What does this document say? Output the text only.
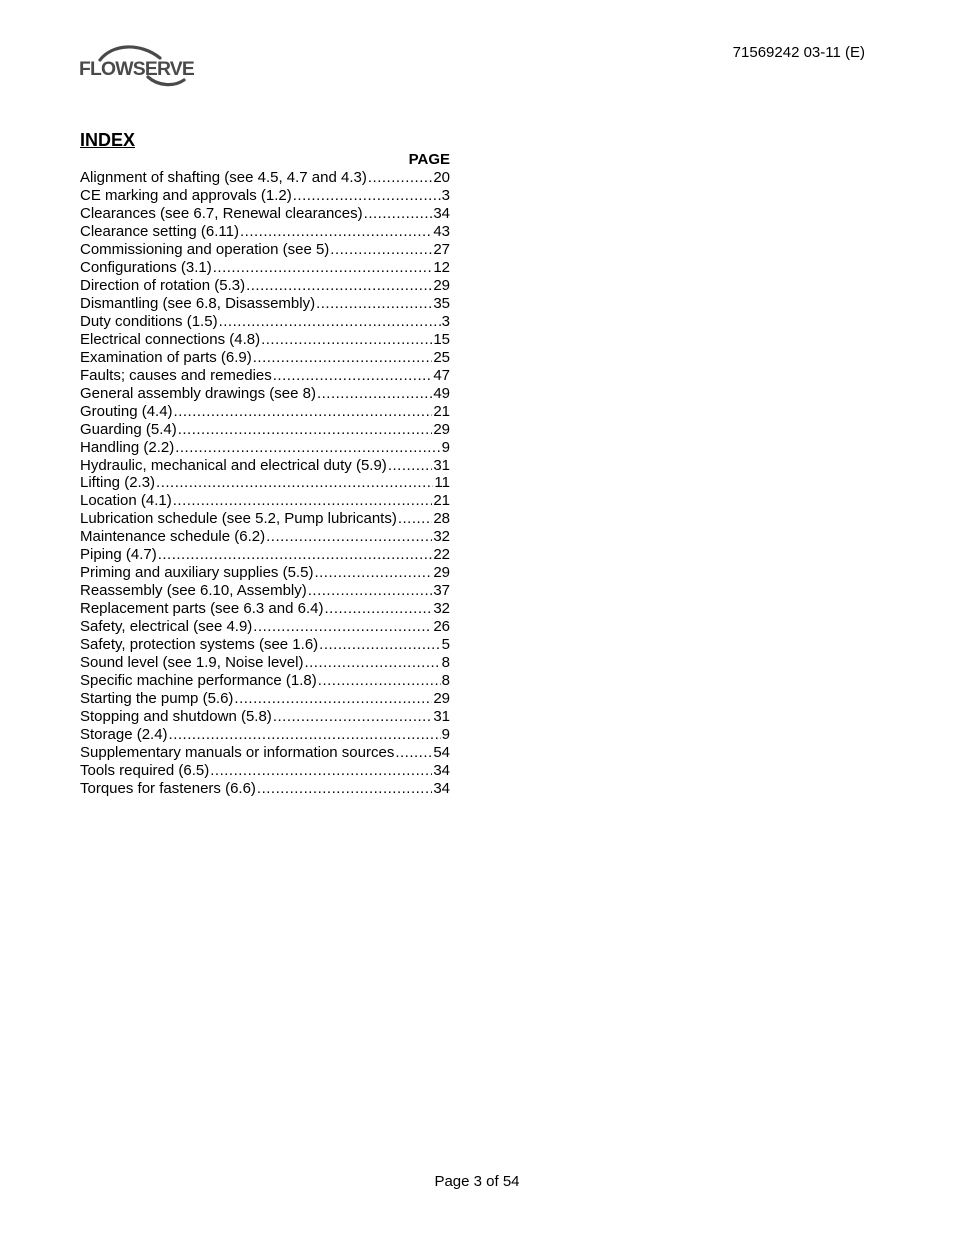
FLOWSERVE
71569242 03-11 (E)
INDEX
PAGE
Alignment of shafting (see 4.5, 4.7 and 4.3) .....	20
CE marking and approvals (1.2) .....	3
Clearances (see 6.7, Renewal clearances) .....	34
Clearance setting (6.11) .....	43
Commissioning and operation (see 5) .....	27
Configurations (3.1) .....	12
Direction of rotation (5.3) .....	29
Dismantling (see 6.8, Disassembly) .....	35
Duty conditions (1.5) .....	3
Electrical connections (4.8) .....	15
Examination of parts (6.9) .....	25
Faults; causes and remedies .....	47
General assembly drawings (see 8) .....	49
Grouting (4.4) .....	21
Guarding (5.4) .....	29
Handling (2.2) .....	9
Hydraulic, mechanical and electrical duty (5.9) .....	31
Lifting (2.3) .....	11
Location (4.1) .....	21
Lubrication schedule (see 5.2, Pump lubricants) ..... 28
Maintenance schedule (6.2) .....	32
Piping (4.7) .....	22
Priming and auxiliary supplies (5.5) .....	29
Reassembly (see 6.10, Assembly) .....	37
Replacement parts (see 6.3 and 6.4) .....	32
Safety, electrical (see 4.9) .....	26
Safety, protection systems (see 1.6) .....	5
Sound level (see 1.9, Noise level) .....	8
Specific machine performance (1.8) .....	8
Starting the pump (5.6) .....	29
Stopping and shutdown (5.8) .....	31
Storage (2.4) .....	9
Supplementary manuals or information sources .....	54
Tools required (6.5) .....	34
Torques for fasteners (6.6) .....	34
Page 3 of 54
